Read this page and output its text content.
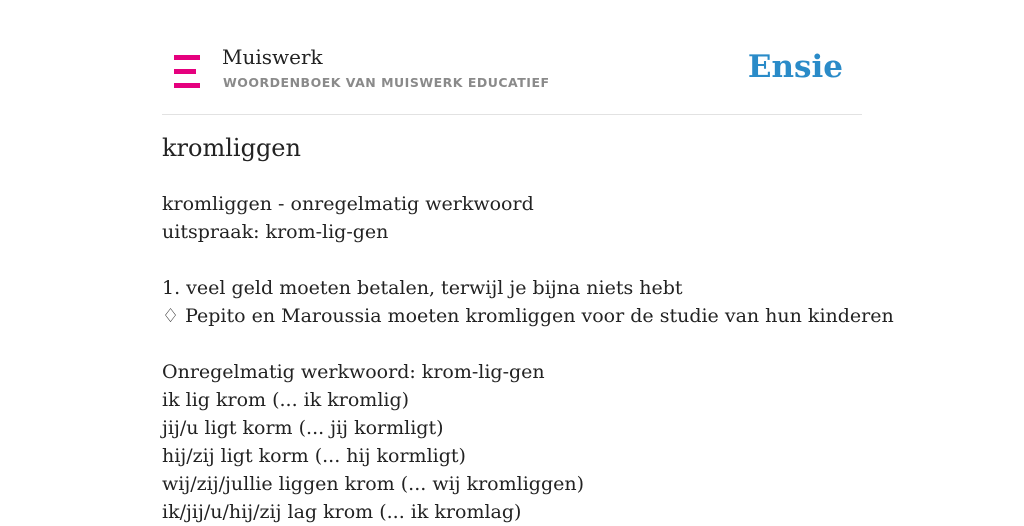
Muiswerk
WOORDENBOEK VAN MUISWERK EDUCATIEF	Ensie
kromliggen
kromliggen - onregelmatig werkwoord
uitspraak: krom-lig-gen
1. veel geld moeten betalen, terwijl je bijna niets hebt
♢ Pepito en Maroussia moeten kromliggen voor de studie van hun kinderen
Onregelmatig werkwoord: krom-lig-gen
ik lig krom (... ik kromlig)
jij/u ligt korm (... jij kormligt)
hij/zij ligt korm (... hij kormligt)
wij/zij/jullie liggen krom (... wij kromliggen)
ik/jij/u/hij/zij lag krom (... ik kromlag)
